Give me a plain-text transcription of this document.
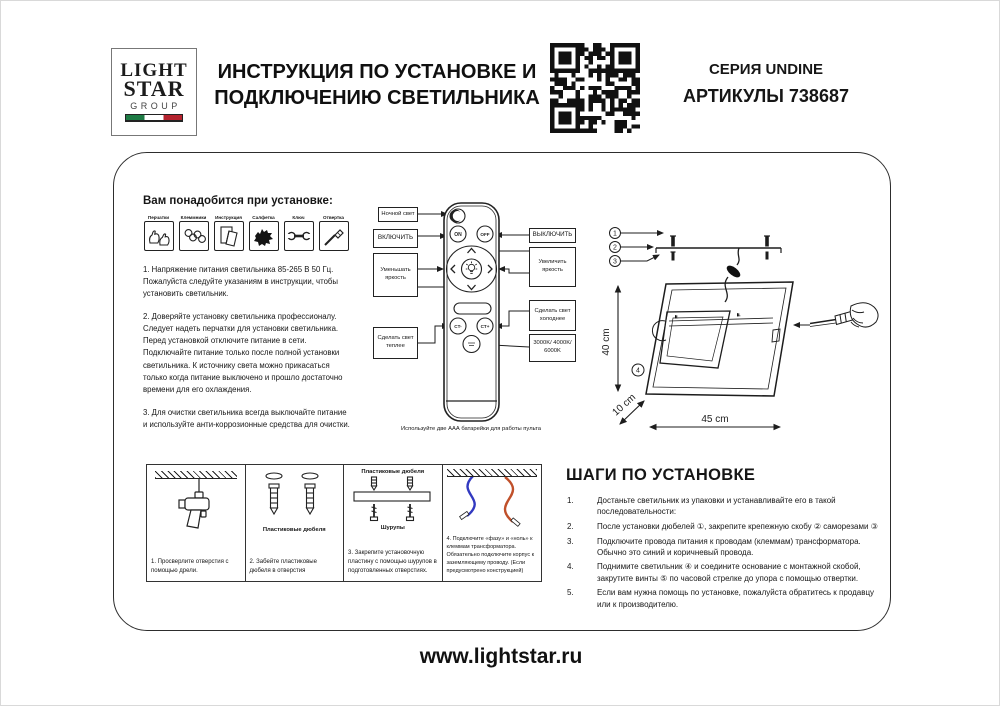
LIGHT
STAR
GROUP
ИНСТРУКЦИЯ ПО УСТАНОВКЕ И
ПОДКЛЮЧЕНИЮ СВЕТИЛЬНИКА
СЕРИЯ UNDINE
АРТИКУЛЫ 738687
Вам понадобится при установке:
Перчатки	Клеммники Инструкция Салфетка	Ключ	Отвертка

1. Напряжение питания светильника 85-265 В 50 Гц. Пожалуйста следуйте указаниям в инструкции, чтобы установить светильник.

2. Доверяйте установку светильника профессионалу. Следует надеть перчатки для установки светильника. Перед установкой отключите питание в сети. Подключайте питание только после полной установки светильника. К источнику света можно прикасаться только когда питание выключено и прошло достаточно времени для его охлаждения.

3. Для очистки светильника всегда выключайте питание и используйте анти-коррозионные средства для очистки.

ON	OFF
CT-	CT+
Ночной свет
ВКЛЮЧИТЬ
Уменьшать яркость
Сделать свет теплее
ВЫКЛЮЧИТЬ
Увеличить яркость
Сделать свет холоднее
3000K/ 4000K/ 6000K
Используйте две ААА батарейки для работы пульта
1
2
3
4
40 cm
10 cm
45 cm
1. Просверлите отверстия с помощью дрели.
Пластиковые дюбеля
2. Забейте пластиковые дюбеля в отверстия
Пластиковые дюбеля
Шурупы
3. Закрепите установочную пластину с помощью шурупов в подготовленных отверстиях.
4. Подключите «фазу» и «ноль» к клеммам трансформатора. Обязательно подключите корпус к заземляющему проводу. (Если предусмотрено конструкцией)
ШАГИ ПО УСТАНОВКЕ
1.	Достаньте светильник из упаковки и устанавливайте его в такой последовательности:
2.	После установки дюбелей ①, закрепите крепежную скобу ② саморезами ③
3.	Подключите провода питания к проводам (клеммам) трансформатора. Обычно это синий и коричневый провода.
4.	Поднимите светильник ④ и соедините основание с монтажной скобой, закрутите винты ⑤ по часовой стрелке до упора с помощью отвертки.
5.	Если вам нужна помощь по установке, пожалуйста обратитесь к продавцу или к производителю.
www.lightstar.ru
